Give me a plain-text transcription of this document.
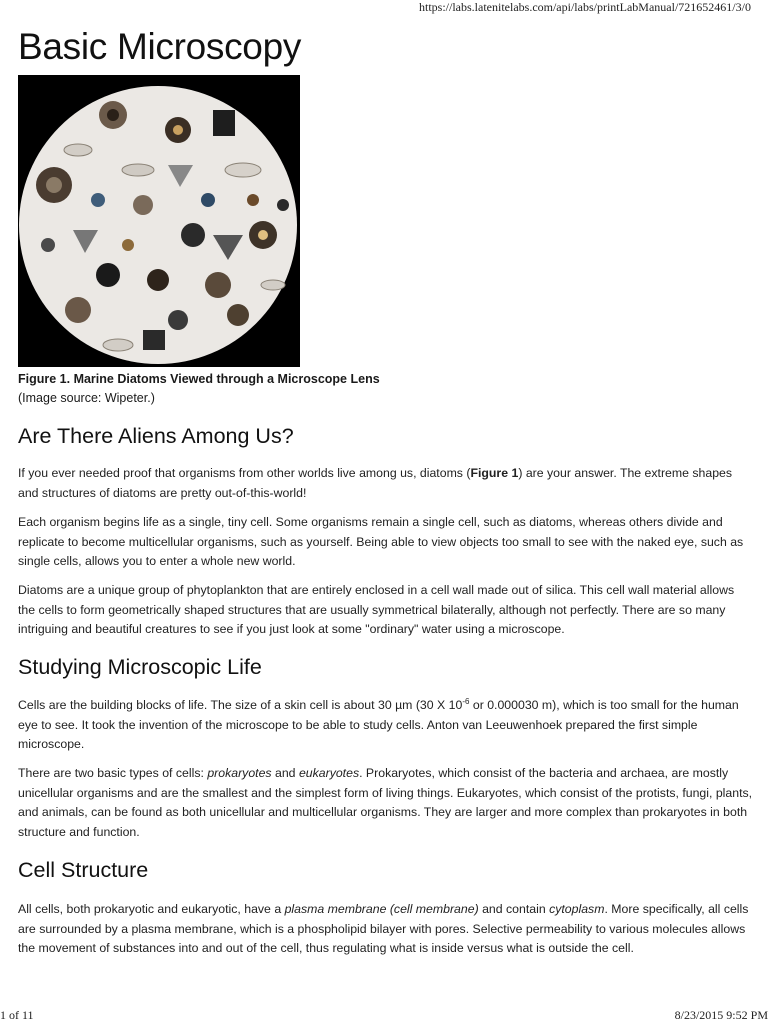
https://labs.latenitelabs.com/api/labs/printLabManual/721652461/3/0
Basic Microscopy
Figure 1. Marine Diatoms Viewed through a Microscope Lens
(Image source: Wipeter.)
Are There Aliens Among Us?

If you ever needed proof that organisms from other worlds live among us, diatoms (Figure 1) are your answer. The extreme shapes and structures of diatoms are pretty out-of-this-world!

Each organism begins life as a single, tiny cell. Some organisms remain a single cell, such as diatoms, whereas others divide and replicate to become multicellular organisms, such as yourself. Being able to view objects too small to see with the naked eye, such as single cells, allows you to enter a whole new world.

Diatoms are a unique group of phytoplankton that are entirely enclosed in a cell wall made out of silica. This cell wall material allows the cells to form geometrically shaped structures that are usually symmetrical bilaterally, although not perfectly. There are so many intriguing and beautiful creatures to see if you just look at some "ordinary" water using a microscope.

Studying Microscopic Life

Cells are the building blocks of life. The size of a skin cell is about 30 µm (30 X $10^{-6}$ or 0.000030 m), which is too small for the human eye to see. It took the invention of the microscope to be able to study cells. Anton van Leeuwenhoek prepared the first simple microscope.

There are two basic types of cells: prokaryotes and eukaryotes. Prokaryotes, which consist of the bacteria and archaea, are mostly unicellular organisms and are the smallest and the simplest form of living things. Eukaryotes, which consist of the protists, fungi, plants, and animals, can be found as both unicellular and multicellular organisms. They are larger and more complex than prokaryotes in both structure and function.

Cell Structure

All cells, both prokaryotic and eukaryotic, have a plasma membrane (cell membrane) and contain cytoplasm. More specifically, all cells are surrounded by a plasma membrane, which is a phospholipid bilayer with pores. Selective permeability to various molecules allows the movement of substances into and out of the cell, thus regulating what is inside versus what is outside the cell.

1 of 11	8/23/2015 9:52 PM
